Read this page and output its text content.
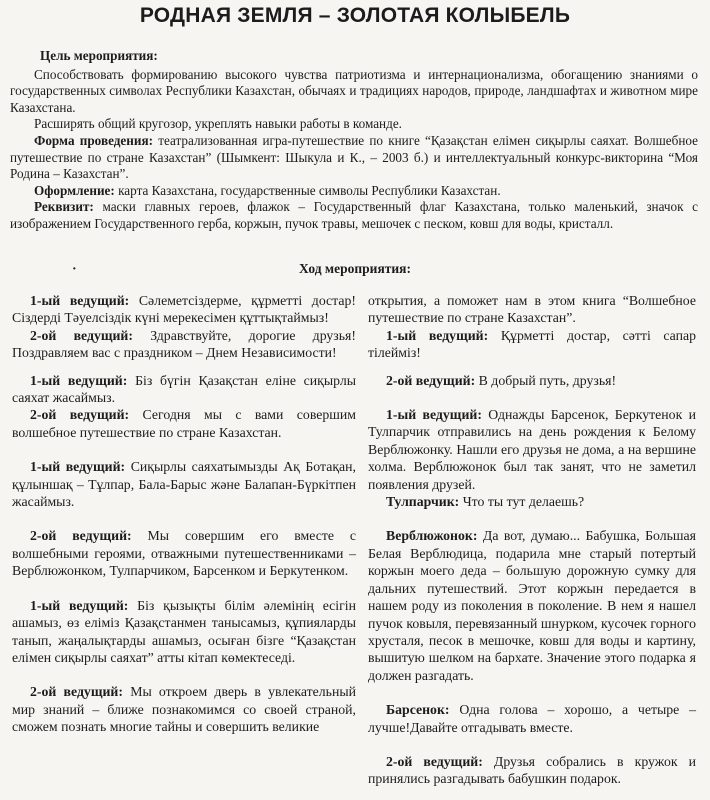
РОДНАЯ ЗЕМЛЯ – ЗОЛОТАЯ КОЛЫБЕЛЬ

Цель мероприятия:

Способствовать формированию высокого чувства патриотизма и интернационализма, обогащению знаниями о государственных символах Республики Казахстан, обычаях и традициях народов, природе, ландшафтах и животном мире Казахстана.

Расширять общий кругозор, укреплять навыки работы в команде.

Форма проведения: театрализованная игра-путешествие по книге “Қазақстан елімен сиқырлы саяхат. Волшебное путешествие по стране Казахстан” (Шымкент: Шыкула и К., – 2003 б.) и интеллектуальный конкурс-викторина “Моя Родина – Казахстан”.

Оформление: карта Казахстана, государственные символы Республики Казахстан.

Реквизит: маски главных героев, флажок – Государственный флаг Казахстана, только маленький, значок с изображением Государственного герба, коржын, пучок травы, мешочек с песком, ковш для воды, кристалл.

·	Ход мероприятия:

1-ый ведущий: Сәлеметсіздерме, құрметті достар! Сіздерді Тәуелсіздік күні мерекесімен құттықтаймыз!

2-ой ведущий: Здравствуйте, дорогие друзья! Поздравляем вас с праздником – Днем Независимости!

1-ый ведущий: Біз бүгін Қазақстан еліне сиқырлы саяхат жасаймыз.

2-ой ведущий: Сегодня мы с вами совершим волшебное путешествие по стране Казахстан.

1-ый ведущий: Сиқырлы саяхатымызды Ақ Ботақан, құлыншақ – Тұлпар, Бала-Барыс және Балапан-Бүркітпен жасаймыз.

2-ой ведущий: Мы совершим его вместе с волшебными героями, отважными путешественниками – Верблюжонком, Тулпарчиком, Барсенком и Беркутенком.

1-ый ведущий: Біз қызықты білім әлемінің есігін ашамыз, өз еліміз Қазақстанмен танысамыз, құпияларды танып, жаңалықтарды ашамыз, осыған бізге “Қазақстан елімен сиқырлы саяхат” атты кітап көмектеседі.

2-ой ведущий: Мы откроем дверь в увлекательный мир знаний – ближе познакомимся со своей страной, сможем познать многие тайны и совершить великие

открытия, а поможет нам в этом книга “Волшебное путешествие по стране Казахстан”.

1-ый ведущий: Құрметті достар, сәтті сапар тілейміз!

2-ой ведущий: В добрый путь, друзья!

1-ый ведущий: Однажды Барсенок, Беркутенок и Тулпарчик отправились на день рождения к Белому Верблюжонку. Нашли его друзья не дома, а на вершине холма. Верблюжонок был так занят, что не заметил появления друзей.

Тулпарчик: Что ты тут делаешь?

Верблюжонок: Да вот, думаю... Бабушка, Большая Белая Верблюдица, подарила мне старый потертый коржын моего деда – большую дорожную сумку для дальних путешествий. Этот коржын передается в нашем роду из поколения в поколение. В нем я нашел пучок ковыля, перевязанный шнурком, кусочек горного хрусталя, песок в мешочке, ковш для воды и картину, вышитую шелком на бархате. Значение этого подарка я должен разгадать.

Барсенок: Одна голова – хорошо, а четыре – лучше!Давайте отгадывать вместе.

2-ой ведущий: Друзья собрались в кружок и принялись разгадывать бабушкин подарок.
